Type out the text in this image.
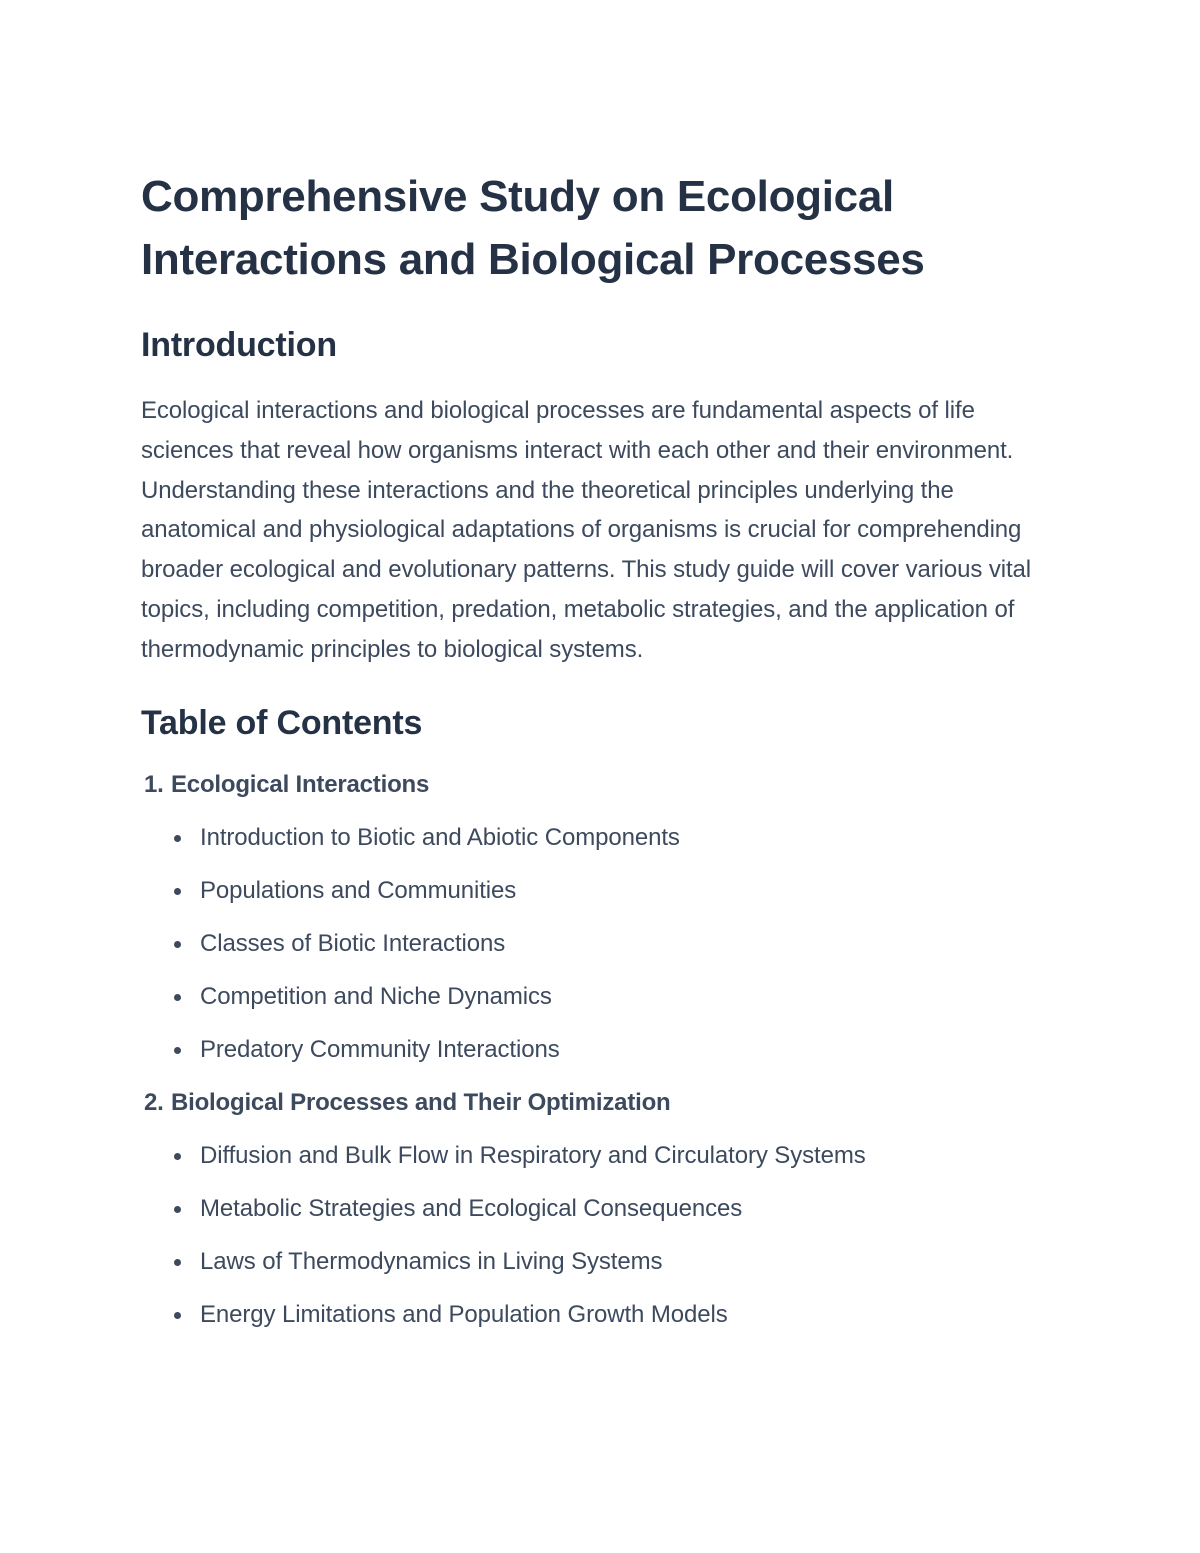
Comprehensive Study on Ecological
Interactions and Biological Processes
Introduction

Ecological interactions and biological processes are fundamental aspects of life sciences that reveal how organisms interact with each other and their environment. Understanding these interactions and the theoretical principles underlying the anatomical and physiological adaptations of organisms is crucial for comprehending broader ecological and evolutionary patterns. This study guide will cover various vital topics, including competition, predation, metabolic strategies, and the application of thermodynamic principles to biological systems.

Table of Contents
1. Ecological Interactions
Introduction to Biotic and Abiotic Components
Populations and Communities
Classes of Biotic Interactions
Competition and Niche Dynamics
Predatory Community Interactions
2. Biological Processes and Their Optimization
Diffusion and Bulk Flow in Respiratory and Circulatory Systems
Metabolic Strategies and Ecological Consequences
Laws of Thermodynamics in Living Systems
Energy Limitations and Population Growth Models
